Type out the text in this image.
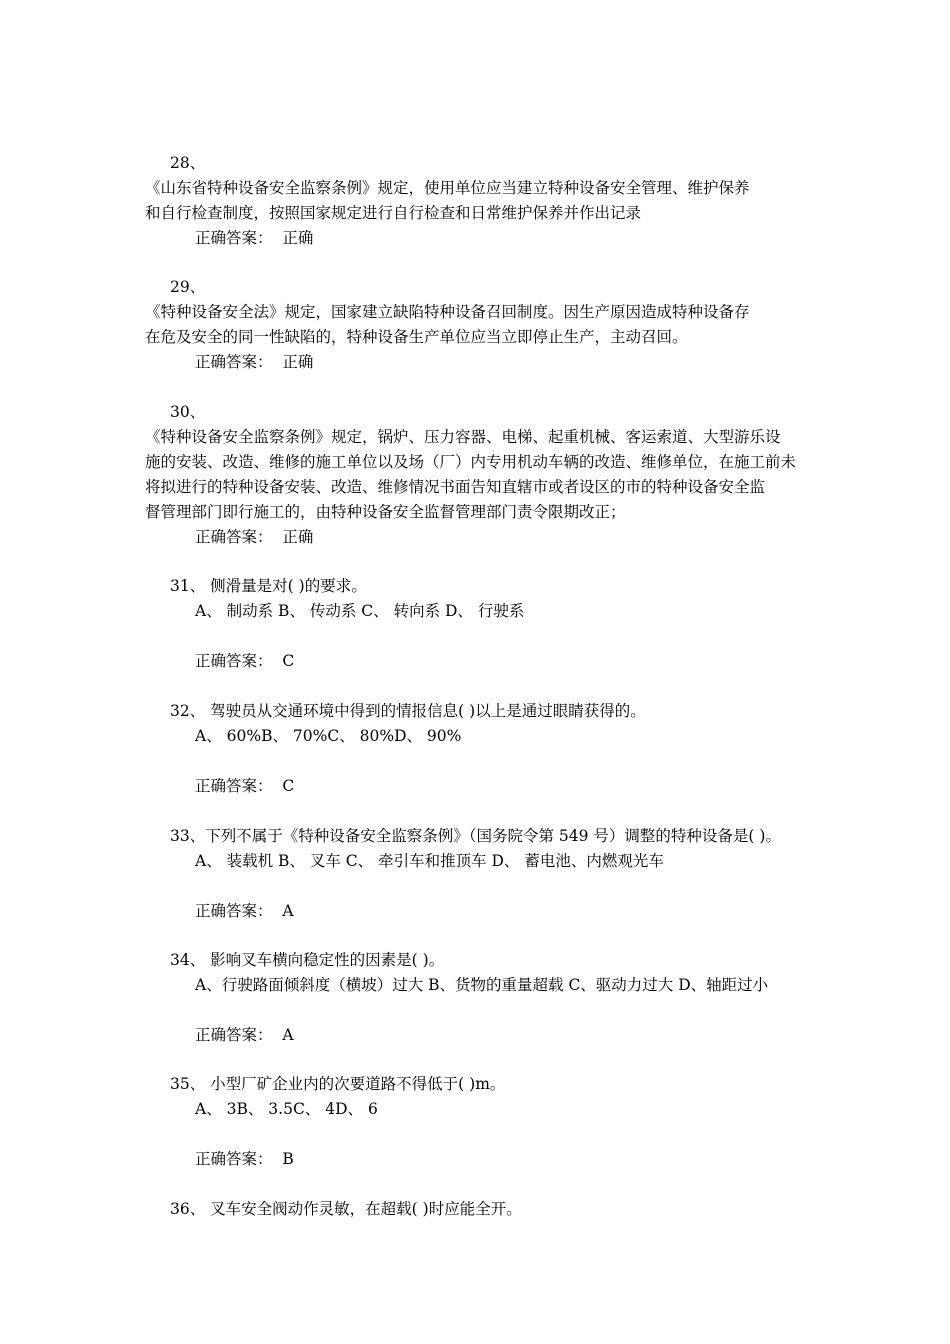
28、
《山东省特种设备安全监察条例》规定，使用单位应当建立特种设备安全管理、维护保养
和自行检查制度，按照国家规定进行自行检查和日常维护保养并作出记录
正确答案： 正确
29、
《特种设备安全法》规定，国家建立缺陷特种设备召回制度。因生产原因造成特种设备存
在危及安全的同一性缺陷的，特种设备生产单位应当立即停止生产，主动召回。
正确答案： 正确
30、
《特种设备安全监察条例》规定，锅炉、压力容器、电梯、起重机械、客运索道、大型游乐设
施的安装、改造、维修的施工单位以及场（厂）内专用机动车辆的改造、维修单位，在施工前未
将拟进行的特种设备安装、改造、维修情况书面告知直辖市或者设区的市的特种设备安全监
督管理部门即行施工的，由特种设备安全监督管理部门责令限期改正；
正确答案： 正确
31、 侧滑量是对( )的要求。
A、 制动系 B、 传动系 C、 转向系 D、 行驶系
正确答案： C
32、 驾驶员从交通环境中得到的情报信息( )以上是通过眼睛获得的。
A、 60%B、 70%C、 80%D、 90%
正确答案： C
33、下列不属于《特种设备安全监察条例》（国务院令第 549 号）调整的特种设备是( )。
A、 装载机 B、 叉车 C、 牵引车和推顶车 D、 蓄电池、内燃观光车
正确答案： A
34、 影响叉车横向稳定性的因素是( )。
A、行驶路面倾斜度（横坡）过大 B、货物的重量超载 C、驱动力过大 D、轴距过小
正确答案： A
35、 小型厂矿企业内的次要道路不得低于( )m。
A、 3B、 3.5C、 4D、 6
正确答案： B
36、 叉车安全阀动作灵敏，在超载( )时应能全开。
